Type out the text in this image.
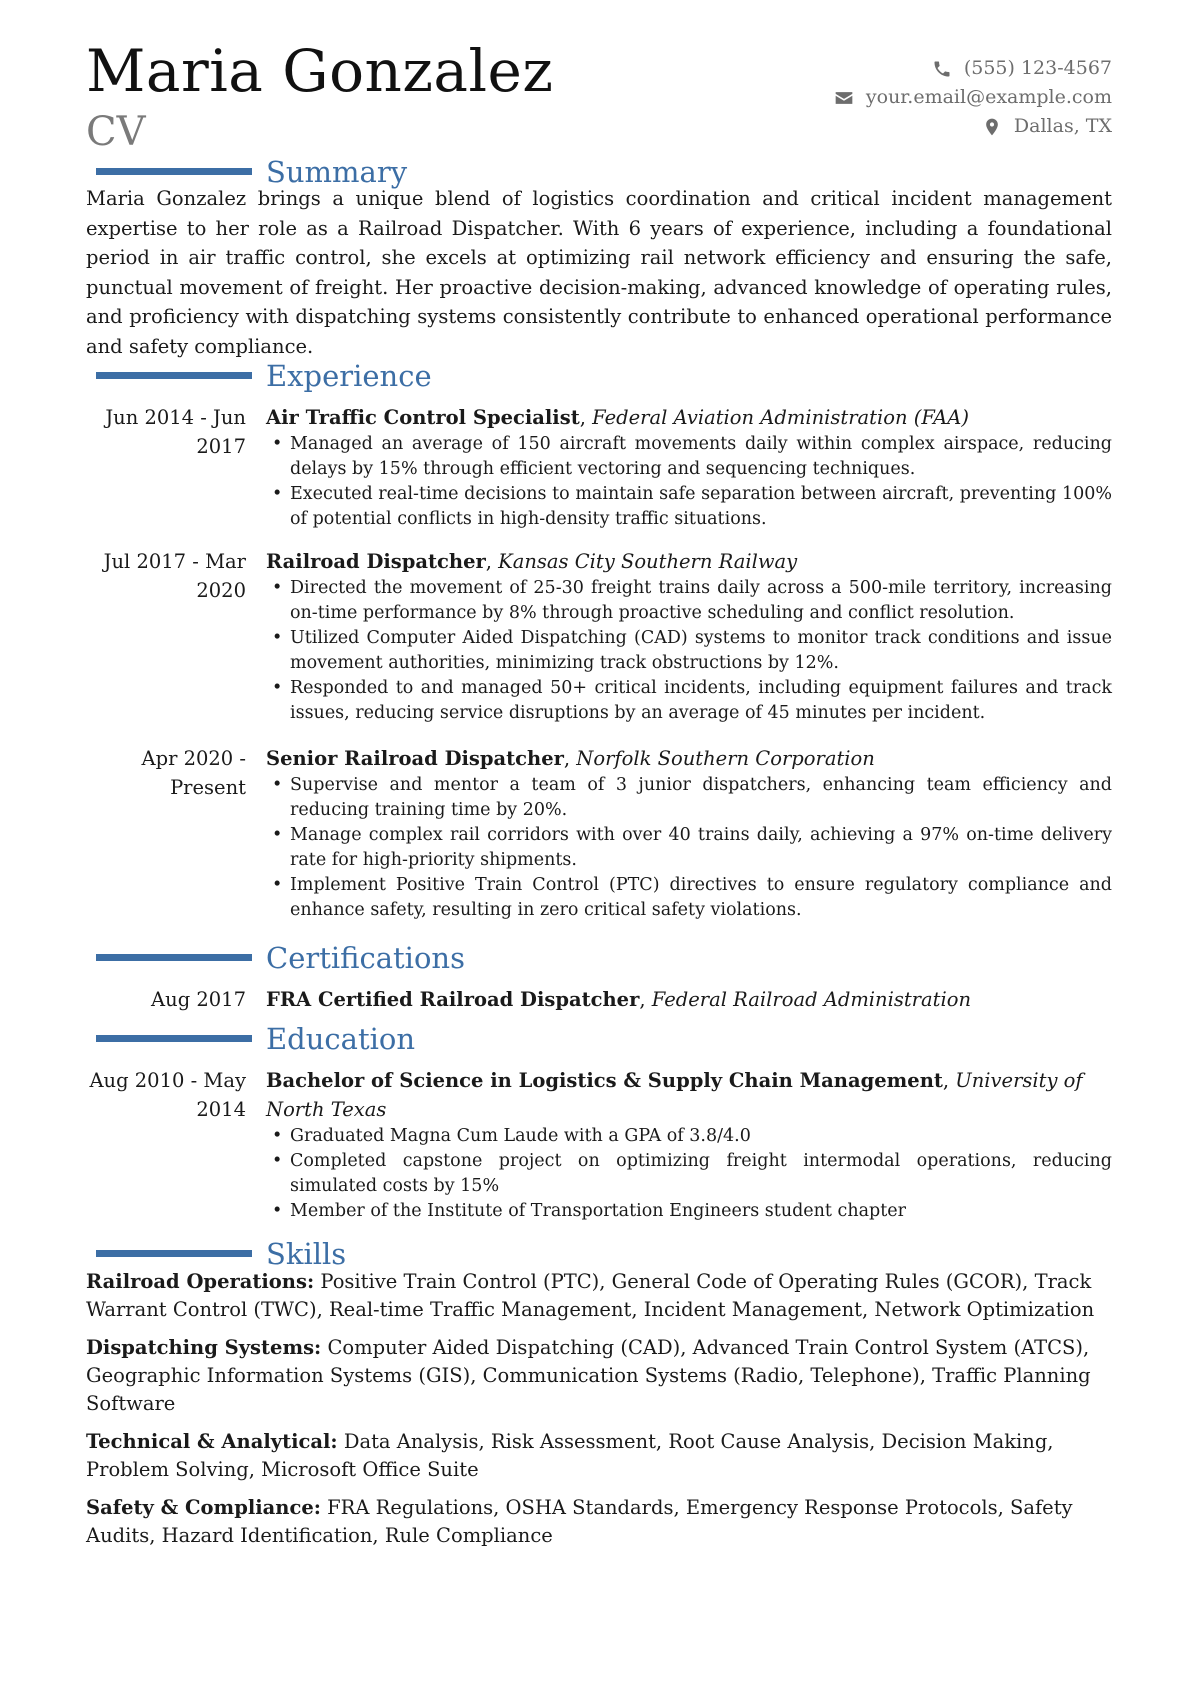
Maria Gonzalez
CV
(555) 123-4567
your.email@example.com
Dallas, TX
Summary
Maria Gonzalez brings a unique blend of logistics coordination and critical incident management expertise to her role as a Railroad Dispatcher. With 6 years of experience, including a foundational period in air traffic control, she excels at optimizing rail network efficiency and ensuring the safe, punctual movement of freight. Her proactive decision-making, advanced knowledge of operating rules, and proficiency with dispatching systems consistently contribute to enhanced operational performance and safety compliance.
Experience
Jun 2014 - Jun 2017
Air Traffic Control Specialist, Federal Aviation Administration (FAA)
• Managed an average of 150 aircraft movements daily within complex airspace, reducing delays by 15% through efficient vectoring and sequencing techniques.
• Executed real-time decisions to maintain safe separation between aircraft, preventing 100% of potential conflicts in high-density traffic situations.
Jul 2017 - Mar 2020
Railroad Dispatcher, Kansas City Southern Railway
• Directed the movement of 25-30 freight trains daily across a 500-mile territory, increasing on-time performance by 8% through proactive scheduling and conflict resolution.
• Utilized Computer Aided Dispatching (CAD) systems to monitor track conditions and issue movement authorities, minimizing track obstructions by 12%.
• Responded to and managed 50+ critical incidents, including equipment failures and track issues, reducing service disruptions by an average of 45 minutes per incident.
Apr 2020 - Present
Senior Railroad Dispatcher, Norfolk Southern Corporation
• Supervise and mentor a team of 3 junior dispatchers, enhancing team efficiency and reducing training time by 20%.
• Manage complex rail corridors with over 40 trains daily, achieving a 97% on-time delivery rate for high-priority shipments.
• Implement Positive Train Control (PTC) directives to ensure regulatory compliance and enhance safety, resulting in zero critical safety violations.
Certifications
Aug 2017 FRA Certified Railroad Dispatcher, Federal Railroad Administration
Education
Aug 2010 - May 2014
Bachelor of Science in Logistics & Supply Chain Management, University of North Texas
• Graduated Magna Cum Laude with a GPA of 3.8/4.0
• Completed capstone project on optimizing freight intermodal operations, reducing simulated costs by 15%
• Member of the Institute of Transportation Engineers student chapter
Skills
Railroad Operations: Positive Train Control (PTC), General Code of Operating Rules (GCOR), Track Warrant Control (TWC), Real-time Traffic Management, Incident Management, Network Optimization
Dispatching Systems: Computer Aided Dispatching (CAD), Advanced Train Control System (ATCS), Geographic Information Systems (GIS), Communication Systems (Radio, Telephone), Traffic Planning Software
Technical & Analytical: Data Analysis, Risk Assessment, Root Cause Analysis, Decision Making, Problem Solving, Microsoft Office Suite
Safety & Compliance: FRA Regulations, OSHA Standards, Emergency Response Protocols, Safety Audits, Hazard Identification, Rule Compliance
